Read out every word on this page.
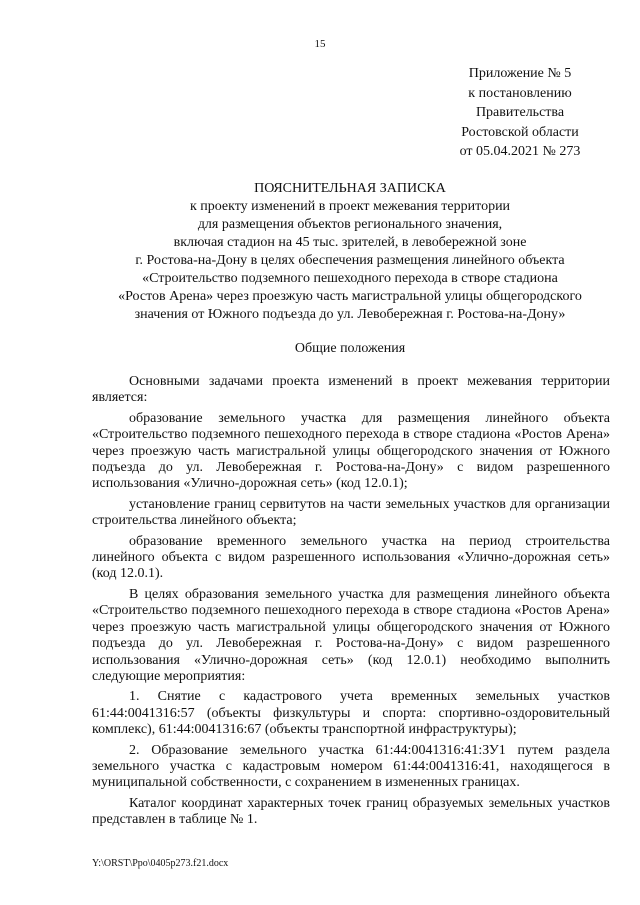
15
Приложение № 5
к постановлению
Правительства
Ростовской области
от 05.04.2021 № 273
ПОЯСНИТЕЛЬНАЯ ЗАПИСКА
к проекту изменений в проект межевания территории
для размещения объектов регионального значения,
включая стадион на 45 тыс. зрителей, в левобережной зоне
г. Ростова-на-Дону в целях обеспечения размещения линейного объекта
«Строительство подземного пешеходного перехода в створе стадиона
«Ростов Арена» через проезжую часть магистральной улицы общегородского
значения от Южного подъезда до ул. Левобережная г. Ростова-на-Дону»
Общие положения

Основными задачами проекта изменений в проект межевания территории является:

образование земельного участка для размещения линейного объекта «Строительство подземного пешеходного перехода в створе стадиона «Ростов Арена» через проезжую часть магистральной улицы общегородского значения от Южного подъезда до ул. Левобережная г. Ростова-на-Дону» с видом разрешенного использования «Улично-дорожная сеть» (код 12.0.1);

установление границ сервитутов на части земельных участков для организации строительства линейного объекта;

образование временного земельного участка на период строительства линейного объекта с видом разрешенного использования «Улично-дорожная сеть» (код 12.0.1).

В целях образования земельного участка для размещения линейного объекта «Строительство подземного пешеходного перехода в створе стадиона «Ростов Арена» через проезжую часть магистральной улицы общегородского значения от Южного подъезда до ул. Левобережная г. Ростова-на-Дону» с видом разрешенного использования «Улично-дорожная сеть» (код 12.0.1) необходимо выполнить следующие мероприятия:

1. Снятие с кадастрового учета временных земельных участков 61:44:0041316:57 (объекты физкультуры и спорта: спортивно-оздоровительный комплекс), 61:44:0041316:67 (объекты транспортной инфраструктуры);

2. Образование земельного участка 61:44:0041316:41:ЗУ1 путем раздела земельного участка с кадастровым номером 61:44:0041316:41, находящегося в муниципальной собственности, с сохранением в измененных границах.

Каталог координат характерных точек границ образуемых земельных участков представлен в таблице № 1.

Y:\ORST\Ppo\0405p273.f21.docx
